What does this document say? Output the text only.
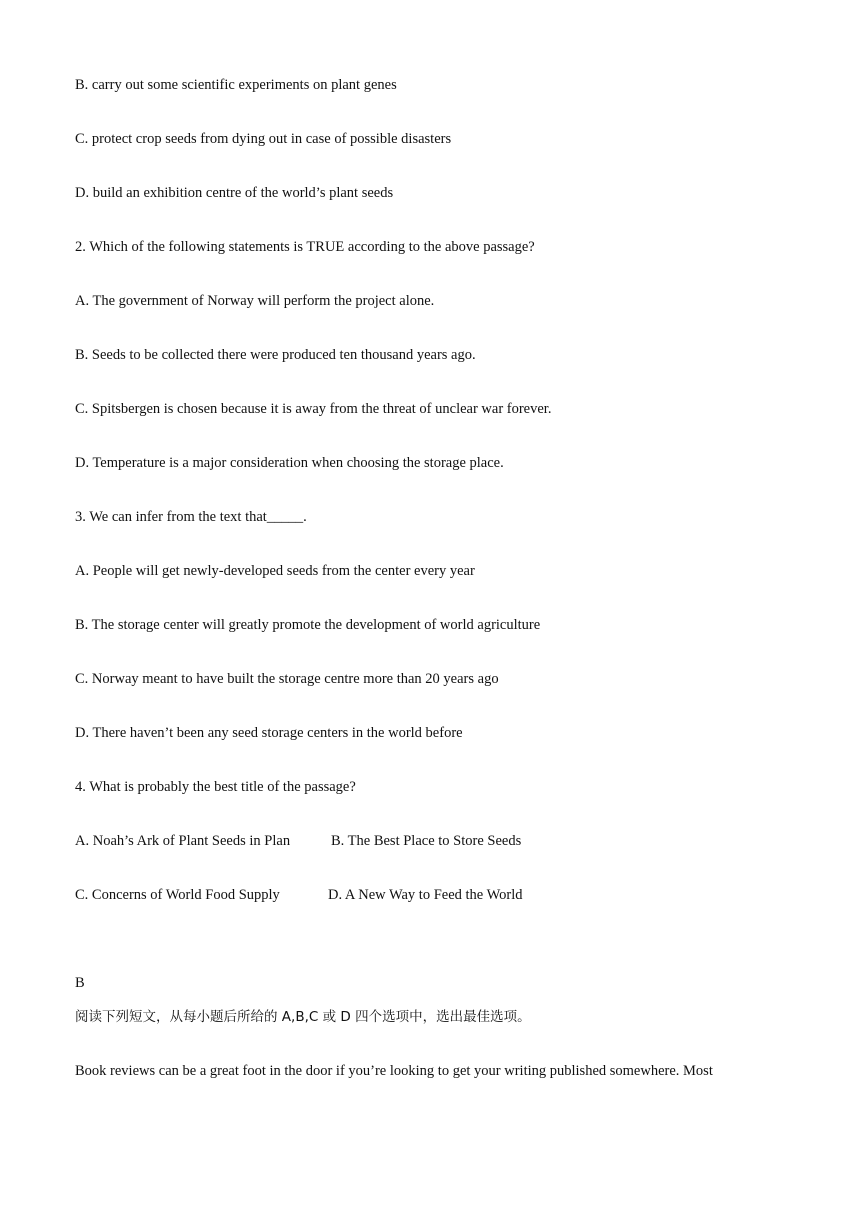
B. carry out some scientific experiments on plant genes
C. protect crop seeds from dying out in case of possible disasters
D. build an exhibition centre of the world’s plant seeds
2. Which of the following statements is TRUE according to the above passage?
A. The government of Norway will perform the project alone.
B. Seeds to be collected there were produced ten thousand years ago.
C. Spitsbergen is chosen because it is away from the threat of unclear war forever.
D. Temperature is a major consideration when choosing the storage place.
3. We can infer from the text that_____.
A. People will get newly-developed seeds from the center every year
B. The storage center will greatly promote the development of world agriculture
C. Norway meant to have built the storage centre more than 20 years ago
D. There haven’t been any seed storage centers in the world before
4. What is probably the best title of the passage?
A. Noah’s Ark of Plant Seeds in Plan	B. The Best Place to Store Seeds
C. Concerns of World Food Supply	D. A New Way to Feed the World
B
阅读下列短文，从每小题后所给的 A,B,C 或 D 四个选项中，选出最佳选项。
Book reviews can be a great foot in the door if you’re looking to get your writing published somewhere. Most
